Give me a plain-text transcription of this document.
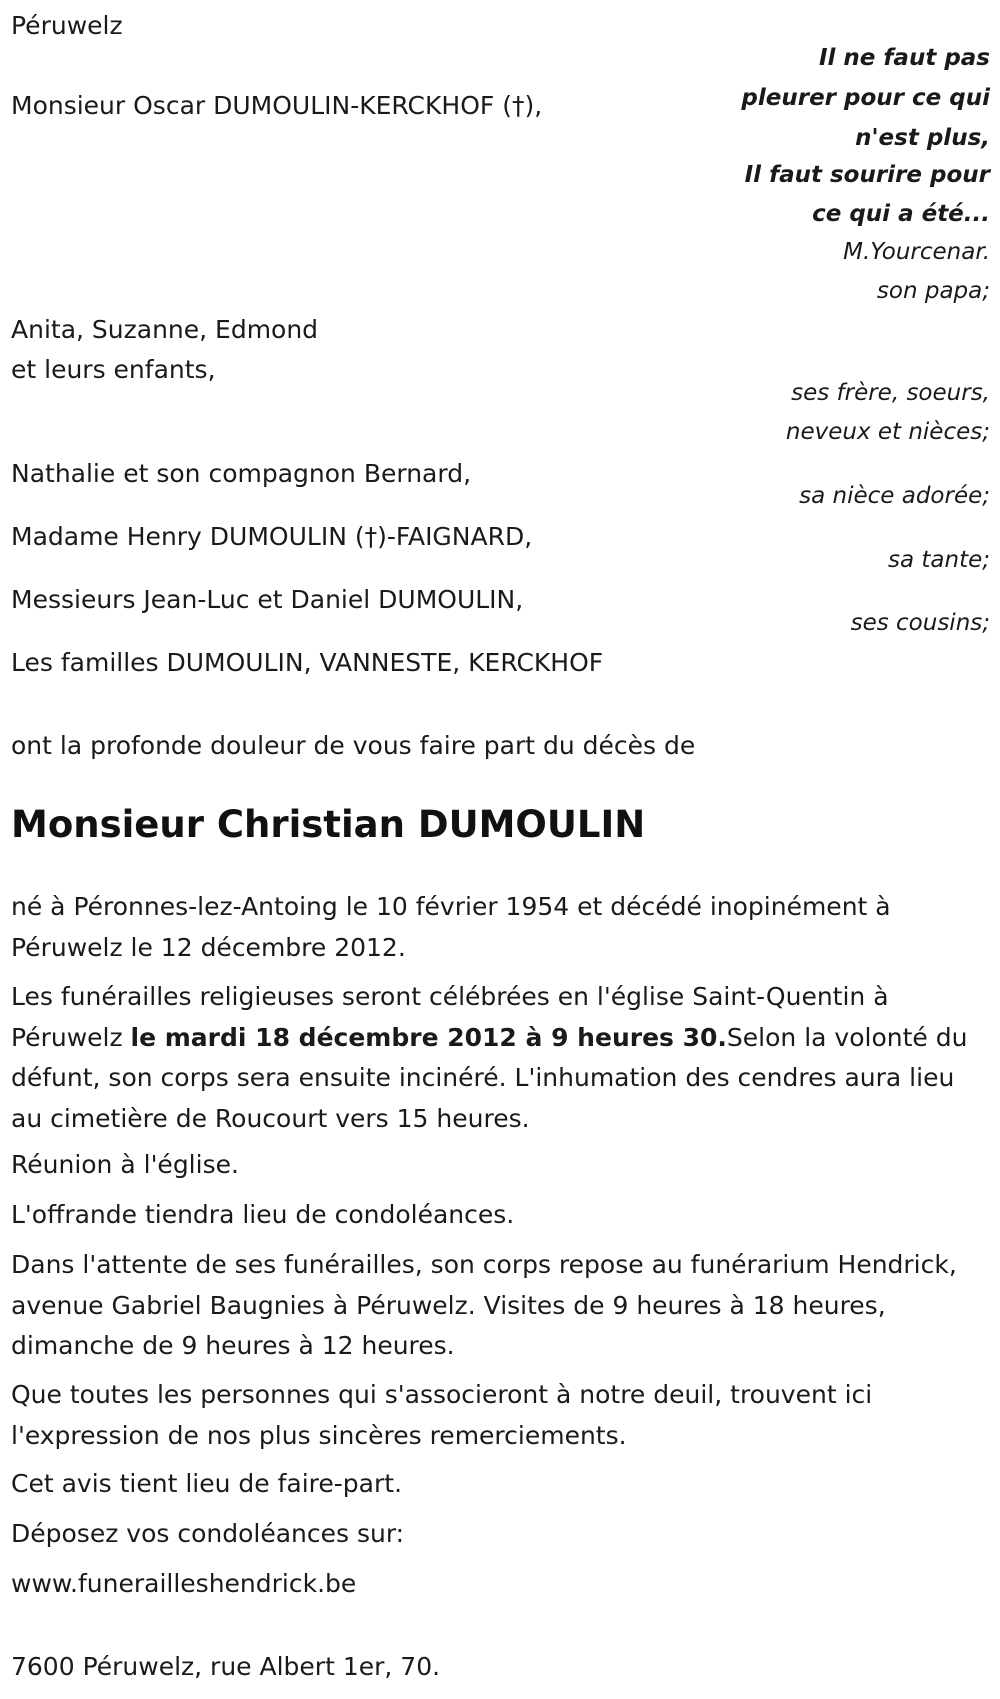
Péruwelz
Il ne faut pas
pleurer pour ce qui
n'est plus,
Il faut sourire pour
ce qui a été...
M.Yourcenar.
Monsieur Oscar DUMOULIN-KERCKHOF (†),
son papa;
Anita, Suzanne, Edmond
et leurs enfants,
ses frère, soeurs,
neveux et nièces;
Nathalie et son compagnon Bernard,
sa nièce adorée;
Madame Henry DUMOULIN (†)-FAIGNARD,
sa tante;
Messieurs Jean-Luc et Daniel DUMOULIN,
ses cousins;
Les familles DUMOULIN, VANNESTE, KERCKHOF
ont la profonde douleur de vous faire part du décès de
Monsieur Christian DUMOULIN
né à Péronnes-lez-Antoing le 10 février 1954 et décédé inopinément à Péruwelz le 12 décembre 2012.
Les funérailles religieuses seront célébrées en l'église Saint-Quentin à Péruwelz le mardi 18 décembre 2012 à 9 heures 30.Selon la volonté du défunt, son corps sera ensuite incinéré. L'inhumation des cendres aura lieu au cimetière de Roucourt vers 15 heures.
Réunion à l'église.
L'offrande tiendra lieu de condoléances.
Dans l'attente de ses funérailles, son corps repose au funérarium Hendrick, avenue Gabriel Baugnies à Péruwelz. Visites de 9 heures à 18 heures, dimanche de 9 heures à 12 heures.
Que toutes les personnes qui s'associeront à notre deuil, trouvent ici l'expression de nos plus sincères remerciements.
Cet avis tient lieu de faire-part.
Déposez vos condoléances sur:
www.funerailleshendrick.be
7600 Péruwelz, rue Albert 1er, 70.
